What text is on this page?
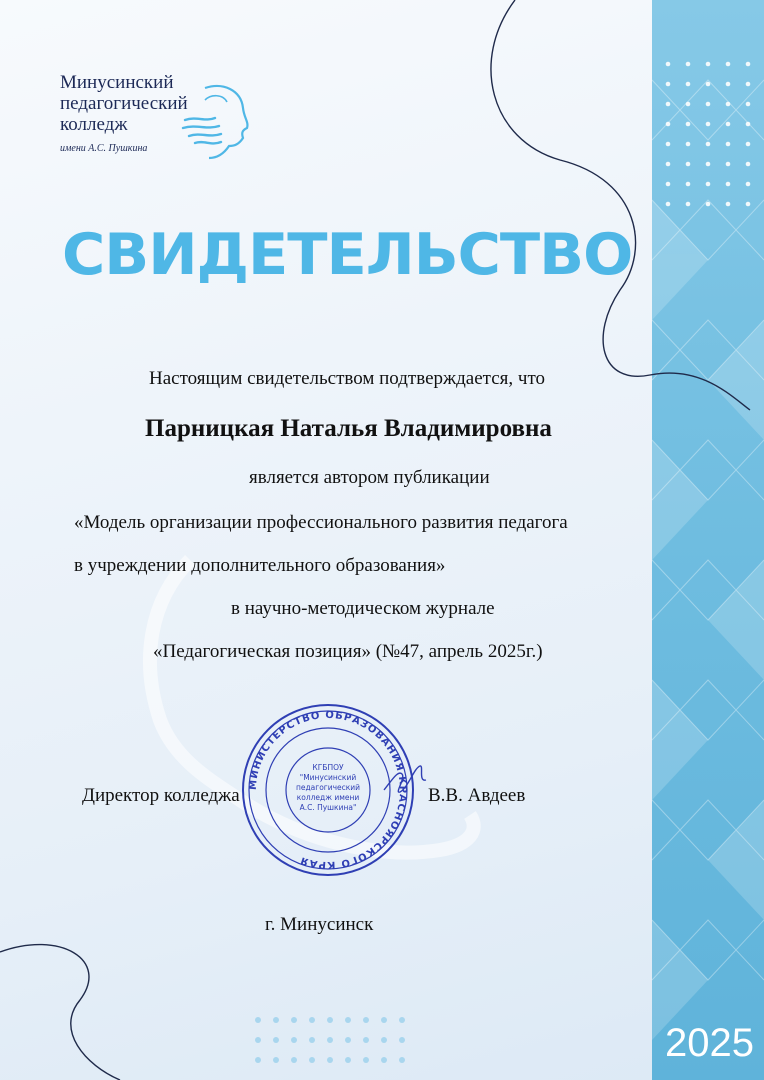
Минусинский
педагогический
колледж
имени А.С. Пушкина
СВИДЕТЕЛЬСТВО
Настоящим свидетельством подтверждается, что
Парницкая Наталья Владимировна
является автором публикации
«Модель организации профессионального развития педагога
в учреждении дополнительного образования»
в научно-методическом журнале
«Педагогическая позиция» (№47, апрель 2025г.)
МИНИСТЕРСТВО ОБРАЗОВАНИЯ КРАСНОЯРСКОГО КРАЯ
КГБПОУ
"Минусинский
педагогический
колледж имени
А.С. Пушкина"
Директор колледжа	В.В. Авдеев
г. Минусинск
2025
